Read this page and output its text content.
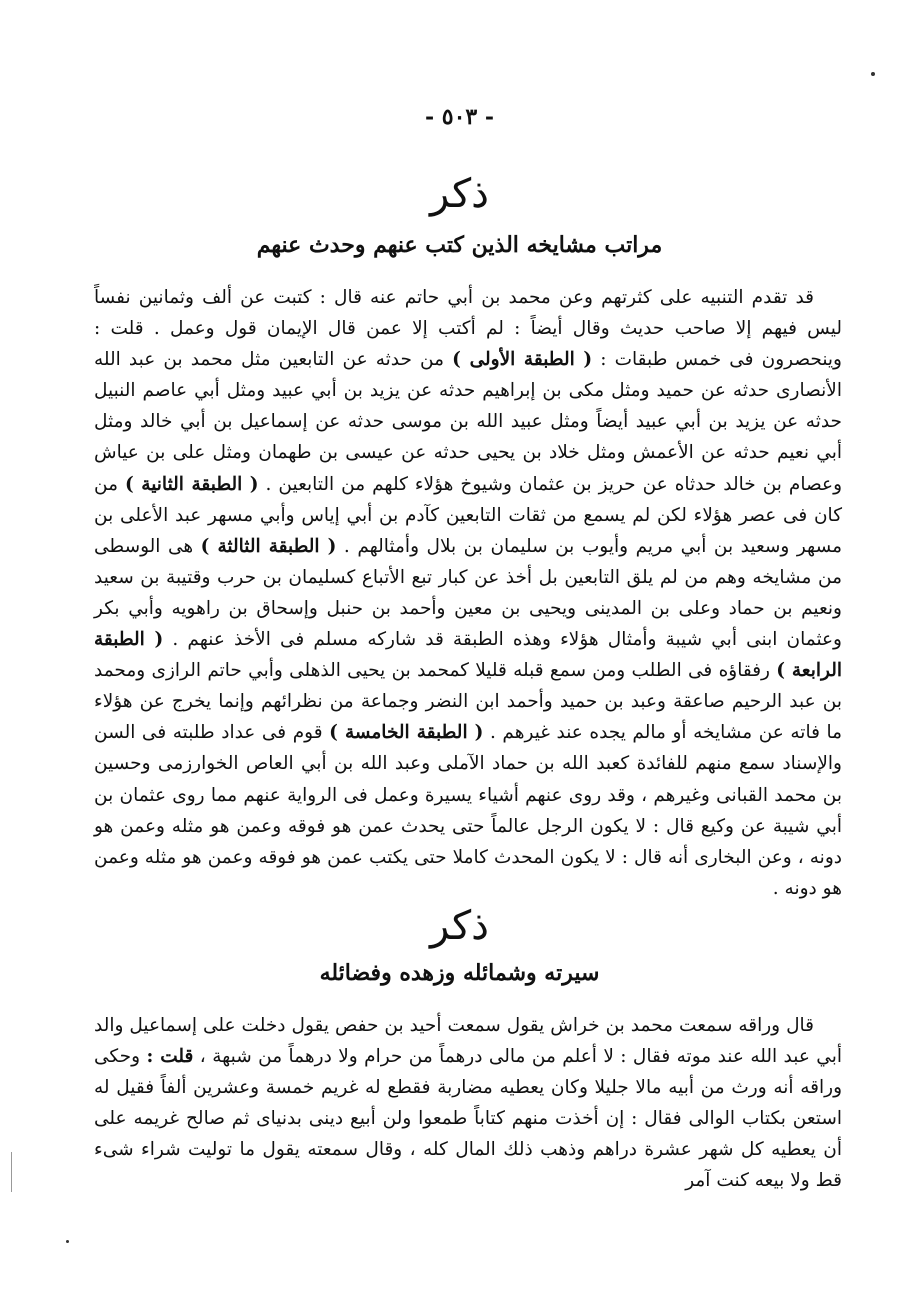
- ٥٠٣ -
ذكر
مراتب مشايخه الذين كتب عنهم وحدث عنهم

قد تقدم التنبيه على كثرتهم وعن محمد بن أبي حاتم عنه قال : كتبت عن ألف وثمانين نفساً ليس فيهم إلا صاحب حديث وقال أيضاً : لم أكتب إلا عمن قال الإيمان قول وعمل . قلت : وينحصرون فى خمس طبقات : ( الطبقة الأولى ) من حدثه عن التابعين مثل محمد بن عبد الله الأنصارى حدثه عن حميد ومثل مكى بن إبراهيم حدثه عن يزيد بن أبي عبيد ومثل أبي عاصم النبيل حدثه عن يزيد بن أبي عبيد أيضاً ومثل عبيد الله بن موسى حدثه عن إسماعيل بن أبي خالد ومثل أبي نعيم حدثه عن الأعمش ومثل خلاد بن يحيى حدثه عن عيسى بن طهمان ومثل على بن عياش وعصام بن خالد حدثاه عن حريز بن عثمان وشيوخ هؤلاء كلهم من التابعين . ( الطبقة الثانية ) من كان فى عصر هؤلاء لكن لم يسمع من ثقات التابعين كآدم بن أبي إياس وأبي مسهر عبد الأعلى بن مسهر وسعيد بن أبي مريم وأيوب بن سليمان بن بلال وأمثالهم . ( الطبقة الثالثة ) هى الوسطى من مشايخه وهم من لم يلق التابعين بل أخذ عن كبار تبع الأتباع كسليمان بن حرب وقتيبة بن سعيد ونعيم بن حماد وعلى بن المدينى ويحيى بن معين وأحمد بن حنبل وإسحاق بن راهويه وأبي بكر وعثمان ابنى أبي شيبة وأمثال هؤلاء وهذه الطبقة قد شاركه مسلم فى الأخذ عنهم . ( الطبقة الرابعة ) رفقاؤه فى الطلب ومن سمع قبله قليلا كمحمد بن يحيى الذهلى وأبي حاتم الرازى ومحمد بن عبد الرحيم صاعقة وعبد بن حميد وأحمد ابن النضر وجماعة من نظرائهم وإنما يخرج عن هؤلاء ما فاته عن مشايخه أو مالم يجده عند غيرهم . ( الطبقة الخامسة ) قوم فى عداد طلبته فى السن والإسناد سمع منهم للفائدة كعبد الله بن حماد الآملى وعبد الله بن أبي العاص الخوارزمى وحسين بن محمد القبانى وغيرهم ، وقد روى عنهم أشياء يسيرة وعمل فى الرواية عنهم مما روى عثمان بن أبي شيبة عن وكيع قال : لا يكون الرجل عالماً حتى يحدث عمن هو فوقه وعمن هو مثله وعمن هو دونه ، وعن البخارى أنه قال : لا يكون المحدث كاملا حتى يكتب عمن هو فوقه وعمن هو مثله وعمن هو دونه .

ذكر
سيرته وشمائله وزهده وفضائله

قال وراقه سمعت محمد بن خراش يقول سمعت أحيد بن حفص يقول دخلت على إسماعيل والد أبي عبد الله عند موته فقال : لا أعلم من مالى درهماً من حرام ولا درهماً من شبهة ، قلت : وحكى وراقه أنه ورث من أبيه مالا جليلا وكان يعطيه مضاربة فقطع له غريم خمسة وعشرين ألفاً فقيل له استعن بكتاب الوالى فقال : إن أخذت منهم كتاباً طمعوا ولن أبيع دينى بدنياى ثم صالح غريمه على أن يعطيه كل شهر عشرة دراهم وذهب ذلك المال كله ، وقال سمعته يقول ما توليت شراء شىء قط ولا بيعه كنت آمر
